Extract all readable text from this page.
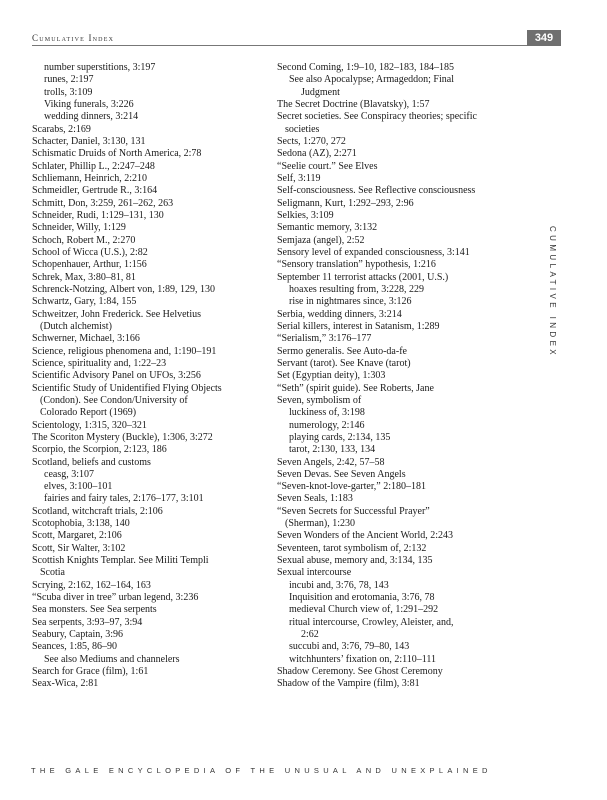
Cumulative Index	349
CUMULATIVE INDEX
number superstitions, 3:197
runes, 2:197
trolls, 3:109
Viking funerals, 3:226
wedding dinners, 3:214
Scarabs, 2:169
Schacter, Daniel, 3:130, 131
Schismatic Druids of North America, 2:78
Schlater, Phillip L., 2:247–248
Schliemann, Heinrich, 2:210
Schmeidler, Gertrude R., 3:164
Schmitt, Don, 3:259, 261–262, 263
Schneider, Rudi, 1:129–131, 130
Schneider, Willy, 1:129
Schoch, Robert M., 2:270
School of Wicca (U.S.), 2:82
Schopenhauer, Arthur, 1:156
Schrek, Max, 3:80–81, 81
Schrenck-Notzing, Albert von, 1:89, 129, 130
Schwartz, Gary, 1:84, 155
Schweitzer, John Frederick. See Helvetius
(Dutch alchemist)
Schwerner, Michael, 3:166
Science, religious phenomena and, 1:190–191
Science, spirituality and, 1:22–23
Scientific Advisory Panel on UFOs, 3:256
Scientific Study of Unidentified Flying Objects
(Condon). See Condon/University of
Colorado Report (1969)
Scientology, 1:315, 320–321
The Scoriton Mystery (Buckle), 1:306, 3:272
Scorpio, the Scorpion, 2:123, 186
Scotland, beliefs and customs
ceasg, 3:107
elves, 3:100–101
fairies and fairy tales, 2:176–177, 3:101
Scotland, witchcraft trials, 2:106
Scotophobia, 3:138, 140
Scott, Margaret, 2:106
Scott, Sir Walter, 3:102
Scottish Knights Templar. See Militi Templi
Scotia
Scrying, 2:162, 162–164, 163
“Scuba diver in tree” urban legend, 3:236
Sea monsters. See Sea serpents
Sea serpents, 3:93–97, 3:94
Seabury, Captain, 3:96
Seances, 1:85, 86–90
See also Mediums and channelers
Search for Grace (film), 1:61
Seax-Wica, 2:81
Second Coming, 1:9–10, 182–183, 184–185
See also Apocalypse; Armageddon; Final
Judgment
The Secret Doctrine (Blavatsky), 1:57
Secret societies. See Conspiracy theories; specific
societies
Sects, 1:270, 272
Sedona (AZ), 2:271
“Seelie court.” See Elves
Self, 3:119
Self-consciousness. See Reflective consciousness
Seligmann, Kurt, 1:292–293, 2:96
Selkies, 3:109
Semantic memory, 3:132
Semjaza (angel), 2:52
Sensory level of expanded consciousness, 3:141
“Sensory translation” hypothesis, 1:216
September 11 terrorist attacks (2001, U.S.)
hoaxes resulting from, 3:228, 229
rise in nightmares since, 3:126
Serbia, wedding dinners, 3:214
Serial killers, interest in Satanism, 1:289
“Serialism,” 3:176–177
Sermo generalis. See Auto-da-fe
Servant (tarot). See Knave (tarot)
Set (Egyptian deity), 1:303
“Seth” (spirit guide). See Roberts, Jane
Seven, symbolism of
luckiness of, 3:198
numerology, 2:146
playing cards, 2:134, 135
tarot, 2:130, 133, 134
Seven Angels, 2:42, 57–58
Seven Devas. See Seven Angels
“Seven-knot-love-garter,” 2:180–181
Seven Seals, 1:183
“Seven Secrets for Successful Prayer”
(Sherman), 1:230
Seven Wonders of the Ancient World, 2:243
Seventeen, tarot symbolism of, 2:132
Sexual abuse, memory and, 3:134, 135
Sexual intercourse
incubi and, 3:76, 78, 143
Inquisition and erotomania, 3:76, 78
medieval Church view of, 1:291–292
ritual intercourse, Crowley, Aleister, and,
2:62
succubi and, 3:76, 79–80, 143
witchhunters’ fixation on, 2:110–111
Shadow Ceremony. See Ghost Ceremony
Shadow of the Vampire (film), 3:81
THE GALE ENCYCLOPEDIA OF THE UNUSUAL AND UNEXPLAINED
